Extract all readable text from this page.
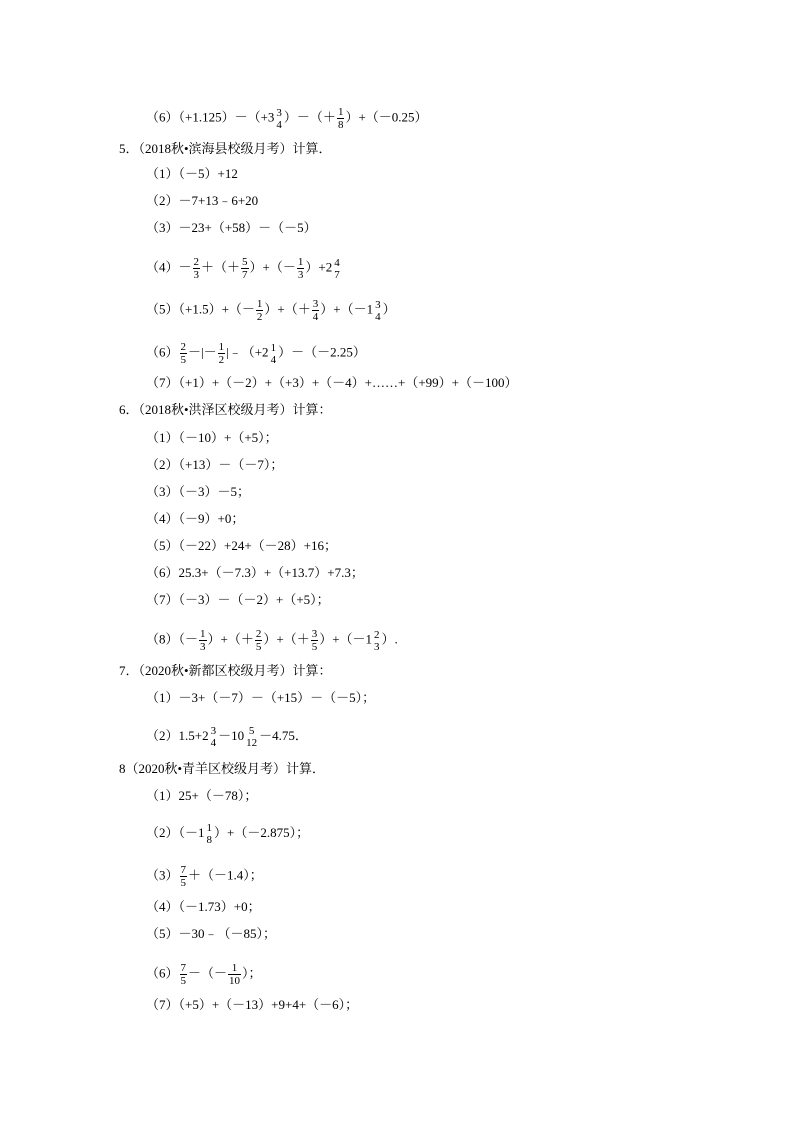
（6）（+1.125）－（+3 3
4
）－（＋ $\frac{1}{8} )+(-0.25)$
5．（2018秋•滨海县校级月考）计算．
（1）（－5）+12
（2）－7+13﹣6+20
（3）－23+（+58）－（－5）
$(4)- \frac{2}{3}$ ＋（＋ $\frac{5}{7}$ ）+（－ $\frac{1}{3} )+2$ 4
7
$(5)(+1.5)+(- \frac{1}{2}$ ）+（＋ $\frac{3}{4} )+(-1$ 3
4
）
$(6) \frac{2}{5}$ －|－ $\frac{1}{2}$ |﹣（+2 1
4
）－（－2.25）
（7）（+1）+（－2）+（+3）+（－4）+……+（+99）+（－100）
6．（2018秋•洪泽区校级月考）计算：
（1）（－10）+（+5）；
（2）（+13）－（－7）；
（3）（－3）－5；
（4）（－9）+0；
（5）（－22）+24+（－28）+16；
（6）25.3+（－7.3）+（+13.7）+7.3；
（7）（－3）－（－2）+（+5）；
$(8)(- \frac{1}{3}$ ）+（＋ $\frac{2}{5}$ ）+（＋ $\frac{3}{5} )+(-1$ 2
3
）.
7．（2020秋•新都区校级月考）计算：
（1）－3+（－7）－（+15）－（－5）；
（2）1.5+2 3
4
－10 5
12
－4.75．
8（2020秋•青羊区校级月考）计算．
（1）25+（－78）；
（2）（－1 1
8
）+（－2.875）；
$(3) \frac{7}{5} +(-1.4)$；
（4）（－1.73）+0；
（5）－30﹣（－85）；
$(6) \frac{7}{5}$ －（－ $\frac{1}{10}$ ）；
（7）（+5）+（－13）+9+4+（－6）；
